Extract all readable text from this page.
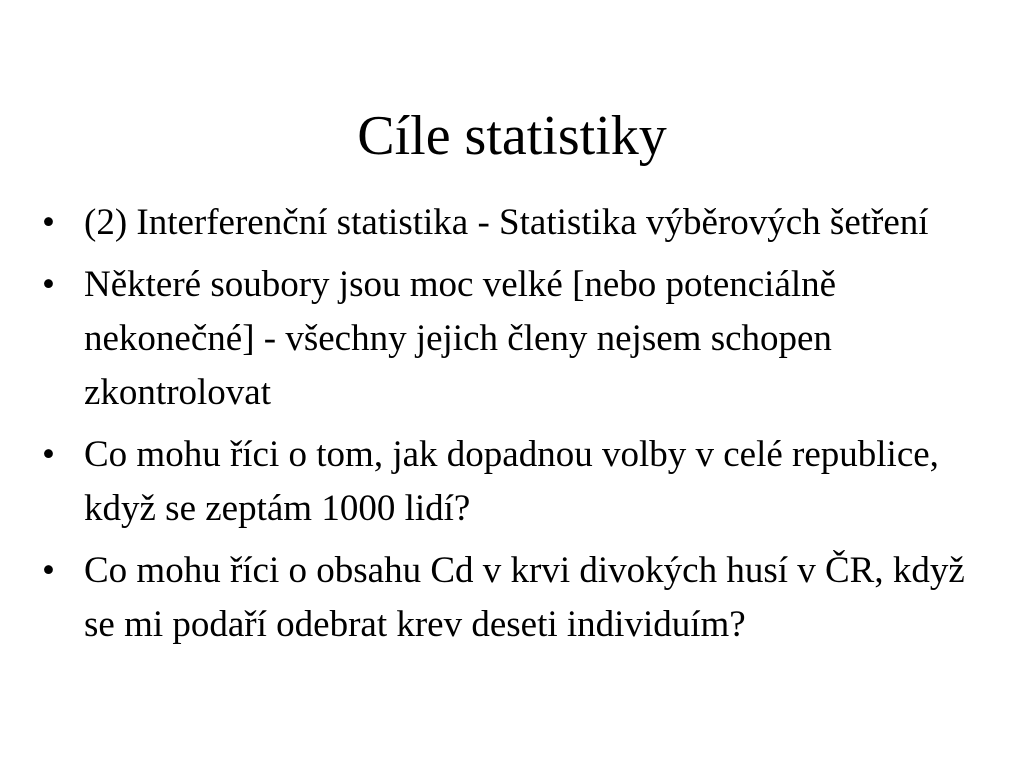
Cíle statistiky
• (2) Interferenční statistika - Statistika výběrových šetření
• Některé soubory jsou moc velké [nebo potenciálně nekonečné] - všechny jejich členy nejsem schopen zkontrolovat
• Co mohu říci o tom, jak dopadnou volby v celé republice, když se zeptám 1000 lidí?
• Co mohu říci o obsahu Cd v krvi divokých husí v ČR, když se mi podaří odebrat krev deseti individuím?
